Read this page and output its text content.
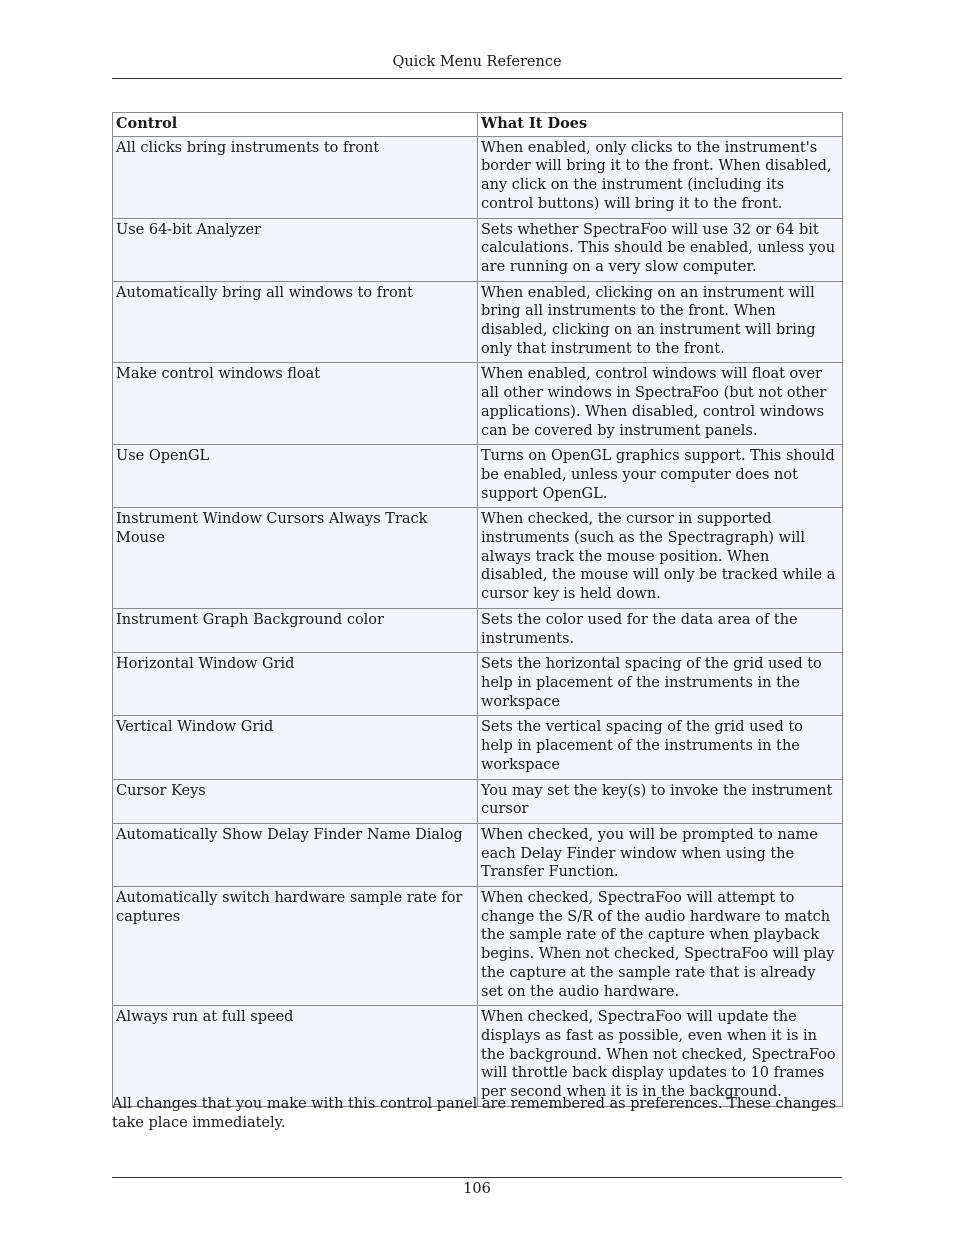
Quick Menu Reference
Control	What It Does
All clicks bring instruments to front	When enabled, only clicks to the instrument's border will bring it to the front. When disabled, any click on the instrument (including its control buttons) will bring it to the front.
Use 64-bit Analyzer	Sets whether SpectraFoo will use 32 or 64 bit calculations. This should be enabled, unless you are running on a very slow computer.
Automatically bring all windows to front	When enabled, clicking on an instrument will bring all instruments to the front. When disabled, clicking on an instrument will bring only that instrument to the front.
Make control windows float	When enabled, control windows will float over all other windows in SpectraFoo (but not other applications). When disabled, control windows can be covered by instrument panels.
Use OpenGL	Turns on OpenGL graphics support. This should be enabled, unless your computer does not support OpenGL.
Instrument Window Cursors Always Track Mouse	When checked, the cursor in supported instruments (such as the Spectragraph) will always track the mouse position. When disabled, the mouse will only be tracked while a cursor key is held down.
Instrument Graph Background color	Sets the color used for the data area of the instruments.
Horizontal Window Grid	Sets the horizontal spacing of the grid used to help in placement of the instruments in the workspace
Vertical Window Grid	Sets the vertical spacing of the grid used to help in placement of the instruments in the workspace
Cursor Keys	You may set the key(s) to invoke the instrument cursor
Automatically Show Delay Finder Name Dialog	When checked, you will be prompted to name each Delay Finder window when using the Transfer Function.
Automatically switch hardware sample rate for captures	When checked, SpectraFoo will attempt to change the S/R of the audio hardware to match the sample rate of the capture when playback begins. When not checked, SpectraFoo will play the capture at the sample rate that is already set on the audio hardware.
Always run at full speed	When checked, SpectraFoo will update the displays as fast as possible, even when it is in the background. When not checked, SpectraFoo will throttle back display updates to 10 frames per second when it is in the background.

All changes that you make with this control panel are remembered as preferences. These changes take place immediately.

106
